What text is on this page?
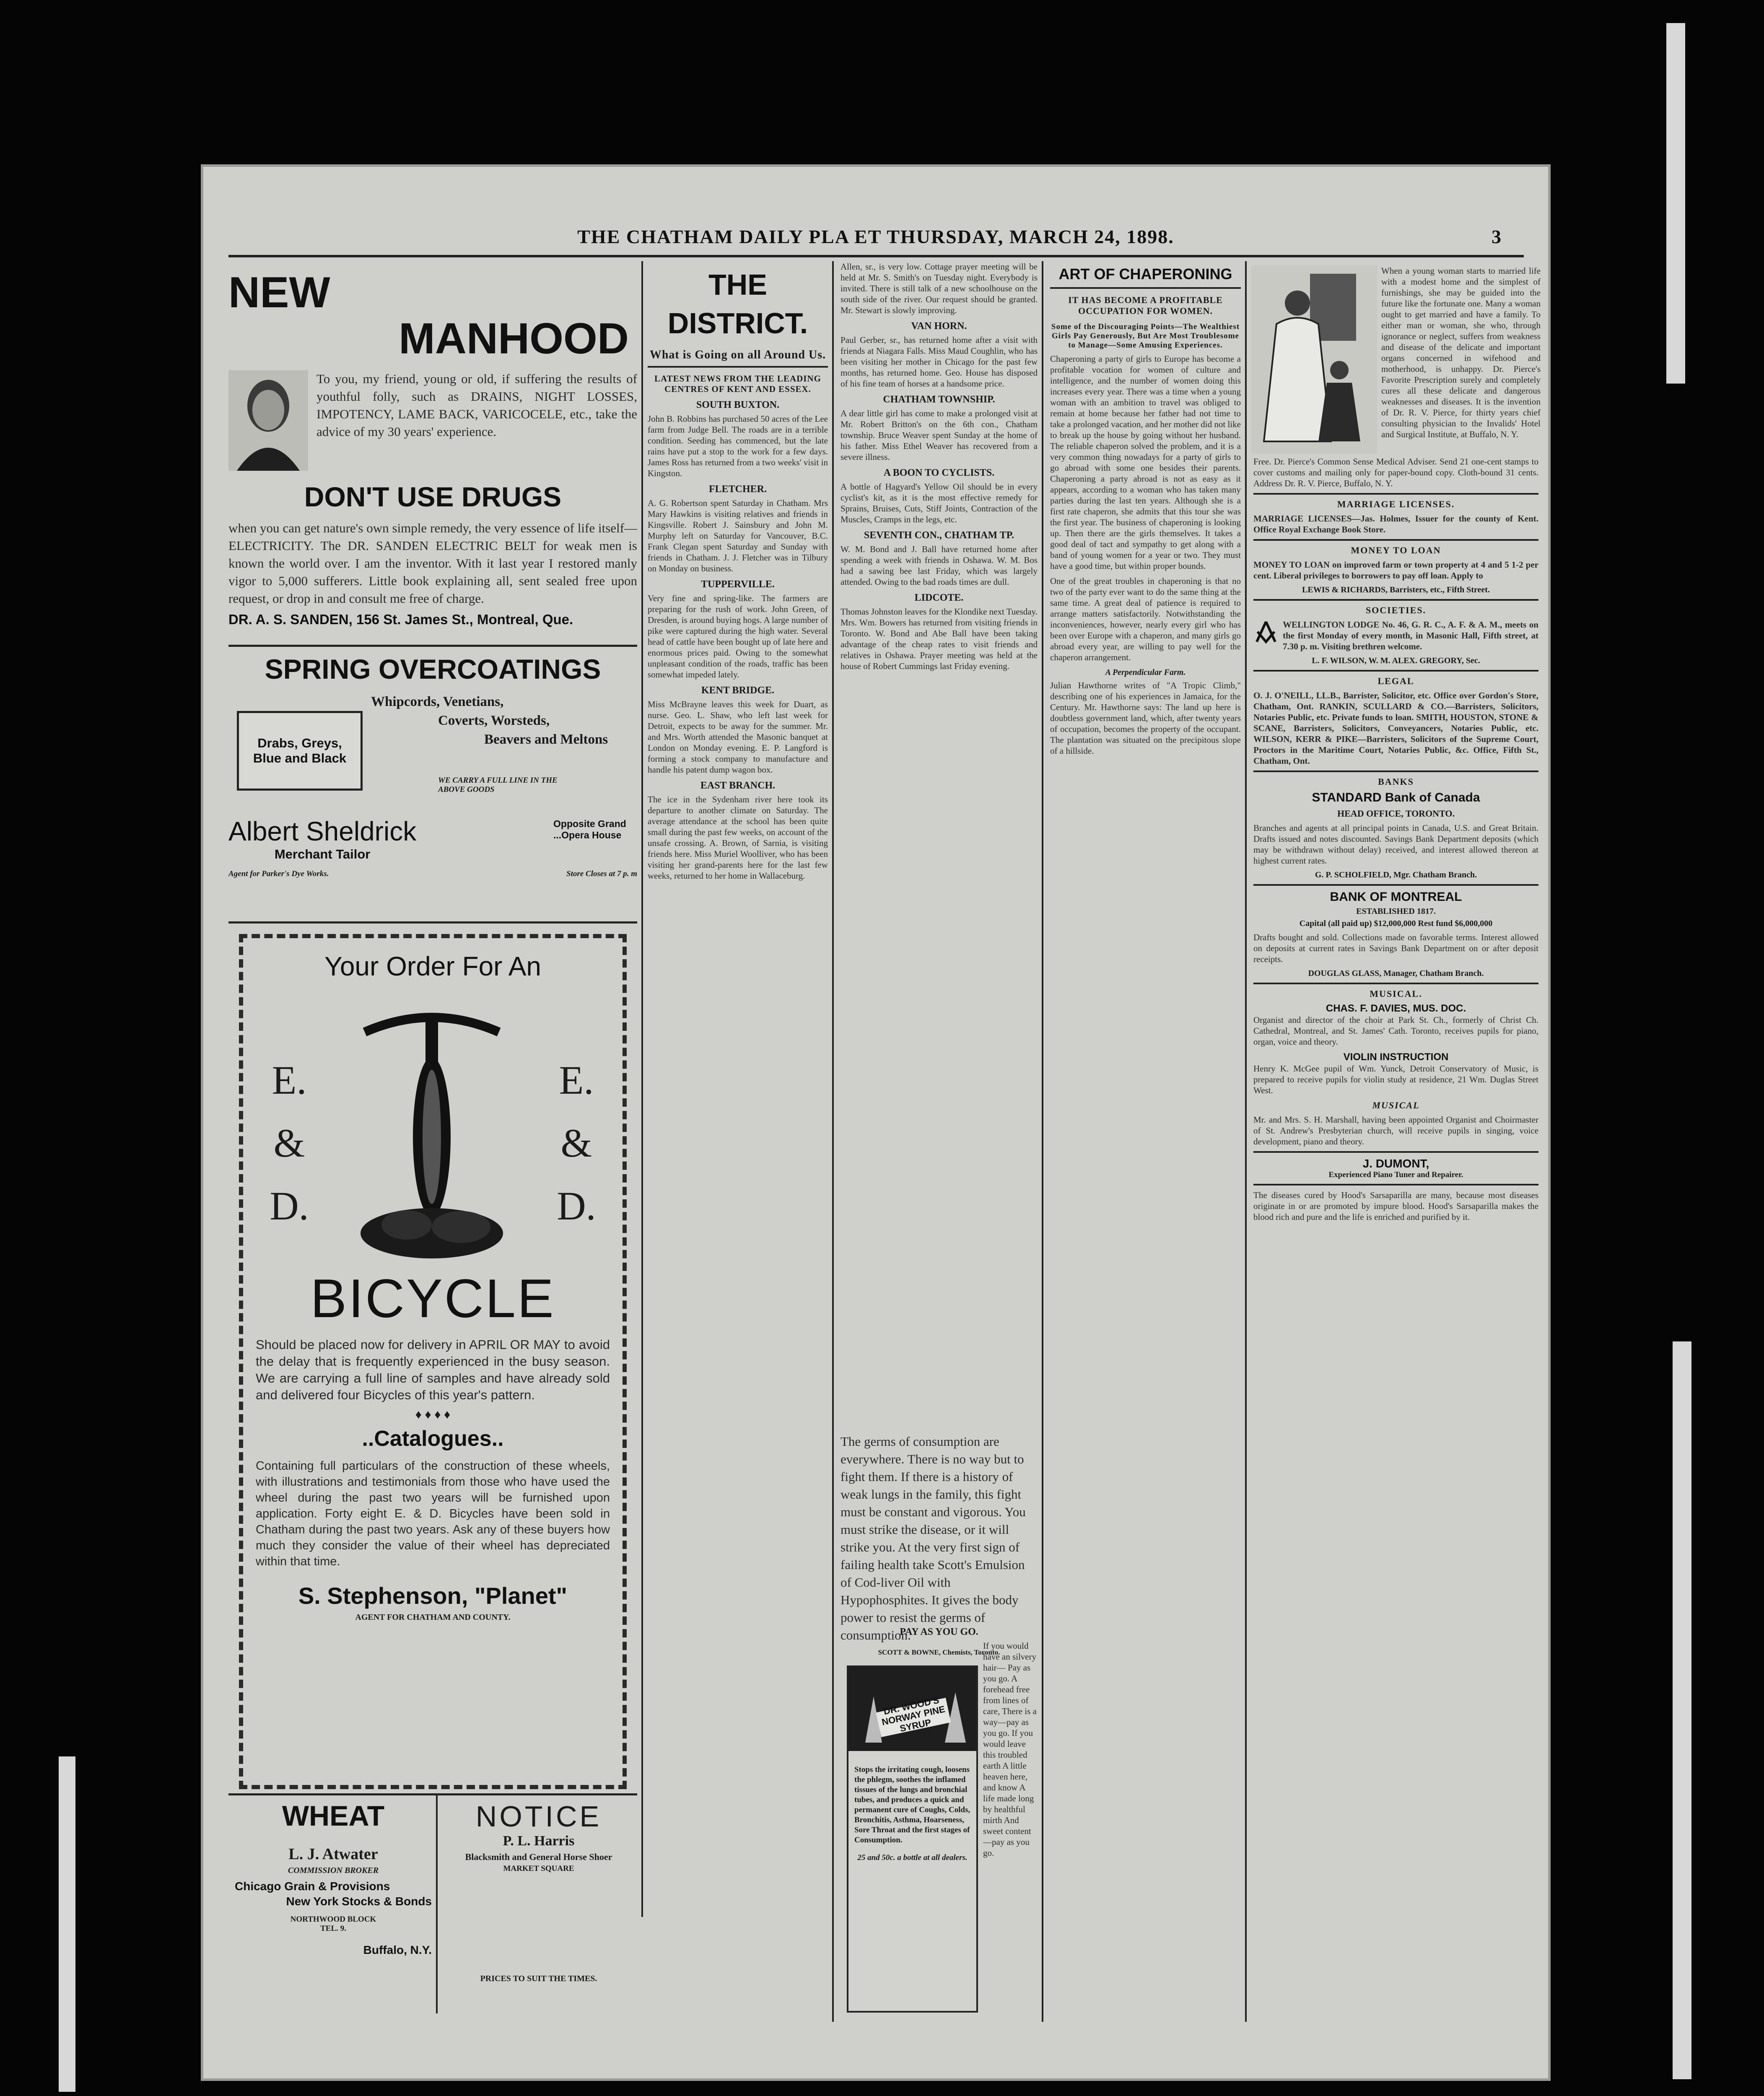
THE CHATHAM DAILY PLA ET THURSDAY, MARCH 24, 1898.	3
NEW
MANHOOD

To you, my friend, young or old, if suffering the results of youthful folly, such as DRAINS, NIGHT LOSSES, IMPOTENCY, LAME BACK, VARICOCELE, etc., take the advice of my 30 years' experience.

DON'T USE DRUGS

when you can get nature's own simple remedy, the very essence of life itself—ELECTRICITY. The DR. SANDEN ELECTRIC BELT for weak men is known the world over. I am the inventor. With it last year I restored manly vigor to 5,000 sufferers. Little book explaining all, sent sealed free upon request, or drop in and consult me free of charge.

DR. A. S. SANDEN, 156 St. James St., Montreal, Que.
SPRING OVERCOATINGS
Drabs, Greys, Blue and Black
Whipcords, Venetians,
Coverts, Worsteds,
Beavers and Meltons
WE CARRY A FULL LINE IN THE ABOVE GOODS
Albert Sheldrick
Merchant Tailor
Opposite Grand ...Opera House
Agent for Parker's Dye Works.	Store Closes at 7 p. m
Your Order For An
E.
&
D.
E.
&
D.
BICYCLE

Should be placed now for delivery in APRIL OR MAY to avoid the delay that is frequently experienced in the busy season. We are carrying a full line of samples and have already sold and delivered four Bicycles of this year's pattern.

♦ ♦ ♦ ♦
..Catalogues..

Containing full particulars of the construction of these wheels, with illustrations and testimonials from those who have used the wheel during the past two years will be furnished upon application. Forty eight E. & D. Bicycles have been sold in Chatham during the past two years. Ask any of these buyers how much they consider the value of their wheel has depreciated within that time.

S. Stephenson, "Planet"
AGENT FOR CHATHAM AND COUNTY.
WHEAT
L. J. Atwater
COMMISSION BROKER
Chicago Grain & Provisions
New York Stocks & Bonds
NORTHWOOD BLOCK
TEL. 9.
Buffalo, N.Y.
NOTICE
P. L. Harris
Blacksmith and General Horse Shoer
MARKET SQUARE
PRICES TO SUIT THE TIMES.
THE DISTRICT.
What is Going on all Around Us.
LATEST NEWS FROM THE LEADING CENTRES OF KENT AND ESSEX.
SOUTH BUXTON.

John B. Robbins has purchased 50 acres of the Lee farm from Judge Bell. The roads are in a terrible condition. Seeding has commenced, but the late rains have put a stop to the work for a few days. James Ross has returned from a two weeks' visit in Kingston.

FLETCHER.

A. G. Robertson spent Saturday in Chatham. Mrs Mary Hawkins is visiting relatives and friends in Kingsville. Robert J. Sainsbury and John M. Murphy left on Saturday for Vancouver, B.C. Frank Clegan spent Saturday and Sunday with friends in Chatham. J. J. Fletcher was in Tilbury on Monday on business.

TUPPERVILLE.

Very fine and spring-like. The farmers are preparing for the rush of work. John Green, of Dresden, is around buying hogs. A large number of pike were captured during the high water. Several head of cattle have been bought up of late here and enormous prices paid. Owing to the somewhat unpleasant condition of the roads, traffic has been somewhat impeded lately.

KENT BRIDGE.

Miss McBrayne leaves this week for Duart, as nurse. Geo. L. Shaw, who left last week for Detroit, expects to be away for the summer. Mr. and Mrs. Worth attended the Masonic banquet at London on Monday evening. E. P. Langford is forming a stock company to manufacture and handle his patent dump wagon box.

EAST BRANCH.

The ice in the Sydenham river here took its departure to another climate on Saturday. The average attendance at the school has been quite small during the past few weeks, on account of the unsafe crossing. A. Brown, of Sarnia, is visiting friends here. Miss Muriel Woolliver, who has been visiting her grand-parents here for the last few weeks, returned to her home in Wallaceburg.

Allen, sr., is very low. Cottage prayer meeting will be held at Mr. S. Smith's on Tuesday night. Everybody is invited. There is still talk of a new schoolhouse on the south side of the river. Our request should be granted. Mr. Stewart is slowly improving.

VAN HORN.

Paul Gerber, sr., has returned home after a visit with friends at Niagara Falls. Miss Maud Coughlin, who has been visiting her mother in Chicago for the past few months, has returned home. Geo. House has disposed of his fine team of horses at a handsome price.

CHATHAM TOWNSHIP.

A dear little girl has come to make a prolonged visit at Mr. Robert Britton's on the 6th con., Chatham township. Bruce Weaver spent Sunday at the home of his father. Miss Ethel Weaver has recovered from a severe illness.

A BOON TO CYCLISTS.

A bottle of Hagyard's Yellow Oil should be in every cyclist's kit, as it is the most effective remedy for Sprains, Bruises, Cuts, Stiff Joints, Contraction of the Muscles, Cramps in the legs, etc.

SEVENTH CON., CHATHAM TP.

W. M. Bond and J. Ball have returned home after spending a week with friends in Oshawa. W. M. Bos had a sawing bee last Friday, which was largely attended. Owing to the bad roads times are dull.

LIDCOTE.

Thomas Johnston leaves for the Klondike next Tuesday. Mrs. Wm. Bowers has returned from visiting friends in Toronto. W. Bond and Abe Ball have been taking advantage of the cheap rates to visit friends and relatives in Oshawa. Prayer meeting was held at the house of Robert Cummings last Friday evening.

The germs of consumption are everywhere. There is no way but to fight them. If there is a history of weak lungs in the family, this fight must be constant and vigorous. You must strike the disease, or it will strike you. At the very first sign of failing health take Scott's Emulsion of Cod-liver Oil with Hypophosphites. It gives the body power to resist the germs of consumption.

SCOTT & BOWNE, Chemists, Toronto.
PAY AS YOU GO.

If you would have an silvery hair— Pay as you go. A forehead free from lines of care, There is a way—pay as you go. If you would leave this troubled earth A little heaven here, and know A life made long by healthful mirth And sweet content—pay as you go.

DR. WOOD'S NORWAY PINE SYRUP

Stops the irritating cough, loosens the phlegm, soothes the inflamed tissues of the lungs and bronchial tubes, and produces a quick and permanent cure of Coughs, Colds, Bronchitis, Asthma, Hoarseness, Sore Throat and the first stages of Consumption.

25 and 50c. a bottle at all dealers.
ART OF CHAPERONING
IT HAS BECOME A PROFITABLE OCCUPATION FOR WOMEN.
Some of the Discouraging Points—The Wealthiest Girls Pay Generously, But Are Most Troublesome to Manage—Some Amusing Experiences.

Chaperoning a party of girls to Europe has become a profitable vocation for women of culture and intelligence, and the number of women doing this increases every year. There was a time when a young woman with an ambition to travel was obliged to remain at home because her father had not time to take a prolonged vacation, and her mother did not like to break up the house by going without her husband. The reliable chaperon solved the problem, and it is a very common thing nowadays for a party of girls to go abroad with some one besides their parents. Chaperoning a party abroad is not as easy as it appears, according to a woman who has taken many parties during the last ten years. Although she is a first rate chaperon, she admits that this tour she was the first year. The business of chaperoning is looking up. Then there are the girls themselves. It takes a good deal of tact and sympathy to get along with a band of young women for a year or two. They must have a good time, but within proper bounds.

One of the great troubles in chaperoning is that no two of the party ever want to do the same thing at the same time. A great deal of patience is required to arrange matters satisfactorily. Notwithstanding the inconveniences, however, nearly every girl who has been over Europe with a chaperon, and many girls go abroad every year, are willing to pay well for the chaperon arrangement.

A Perpendicular Farm.

Julian Hawthorne writes of "A Tropic Climb," describing one of his experiences in Jamaica, for the Century. Mr. Hawthorne says: The land up here is doubtless government land, which, after twenty years of occupation, becomes the property of the occupant. The plantation was situated on the precipitous slope of a hillside.

When a young woman starts to married life with a modest home and the simplest of furnishings, she may be guided into the future like the fortunate one. Many a woman ought to get married and have a family. To either man or woman, she who, through ignorance or neglect, suffers from weakness and disease of the delicate and important organs concerned in wifehood and motherhood, is unhappy. Dr. Pierce's Favorite Prescription surely and completely cures all these delicate and dangerous weaknesses and diseases. It is the invention of Dr. R. V. Pierce, for thirty years chief consulting physician to the Invalids' Hotel and Surgical Institute, at Buffalo, N. Y.

Free. Dr. Pierce's Common Sense Medical Adviser. Send 21 one-cent stamps to cover customs and mailing only for paper-bound copy. Cloth-bound 31 cents. Address Dr. R. V. Pierce, Buffalo, N. Y.

MARRIAGE LICENSES.

MARRIAGE LICENSES—Jas. Holmes, Issuer for the county of Kent. Office Royal Exchange Book Store.

MONEY TO LOAN

MONEY TO LOAN on improved farm or town property at 4 and 5 1-2 per cent. Liberal privileges to borrowers to pay off loan. Apply to

LEWIS & RICHARDS, Barristers, etc., Fifth Street.
SOCIETIES.

WELLINGTON LODGE No. 46, G. R. C., A. F. & A. M., meets on the first Monday of every month, in Masonic Hall, Fifth street, at 7.30 p. m. Visiting brethren welcome.

L. F. WILSON, W. M. ALEX. GREGORY, Sec.
LEGAL

O. J. O'NEILL, LL.B., Barrister, Solicitor, etc. Office over Gordon's Store, Chatham, Ont. RANKIN, SCULLARD & CO.—Barristers, Solicitors, Notaries Public, etc. Private funds to loan. SMITH, HOUSTON, STONE & SCANE, Barristers, Solicitors, Conveyancers, Notaries Public, etc. WILSON, KERR & PIKE—Barristers, Solicitors of the Supreme Court, Proctors in the Maritime Court, Notaries Public, &c. Office, Fifth St., Chatham, Ont.

BANKS
STANDARD Bank of Canada
HEAD OFFICE, TORONTO.

Branches and agents at all principal points in Canada, U.S. and Great Britain. Drafts issued and notes discounted. Savings Bank Department deposits (which may be withdrawn without delay) received, and interest allowed thereon at highest current rates.

G. P. SCHOLFIELD, Mgr. Chatham Branch.
BANK OF MONTREAL
ESTABLISHED 1817.
Capital (all paid up) $12,000,000 Rest fund $6,000,000

Drafts bought and sold. Collections made on favorable terms. Interest allowed on deposits at current rates in Savings Bank Department on or after deposit receipts.

DOUGLAS GLASS, Manager, Chatham Branch.
MUSICAL.
CHAS. F. DAVIES, MUS. DOC.

Organist and director of the choir at Park St. Ch., formerly of Christ Ch. Cathedral, Montreal, and St. James' Cath. Toronto, receives pupils for piano, organ, voice and theory.

VIOLIN INSTRUCTION

Henry K. McGee pupil of Wm. Yunck, Detroit Conservatory of Music, is prepared to receive pupils for violin study at residence, 21 Wm. Duglas Street West.

MUSICAL

Mr. and Mrs. S. H. Marshall, having been appointed Organist and Choirmaster of St. Andrew's Presbyterian church, will receive pupils in singing, voice development, piano and theory.

J. DUMONT,
Experienced Piano Tuner and Repairer.

The diseases cured by Hood's Sarsaparilla are many, because most diseases originate in or are promoted by impure blood. Hood's Sarsaparilla makes the blood rich and pure and the life is enriched and purified by it.
